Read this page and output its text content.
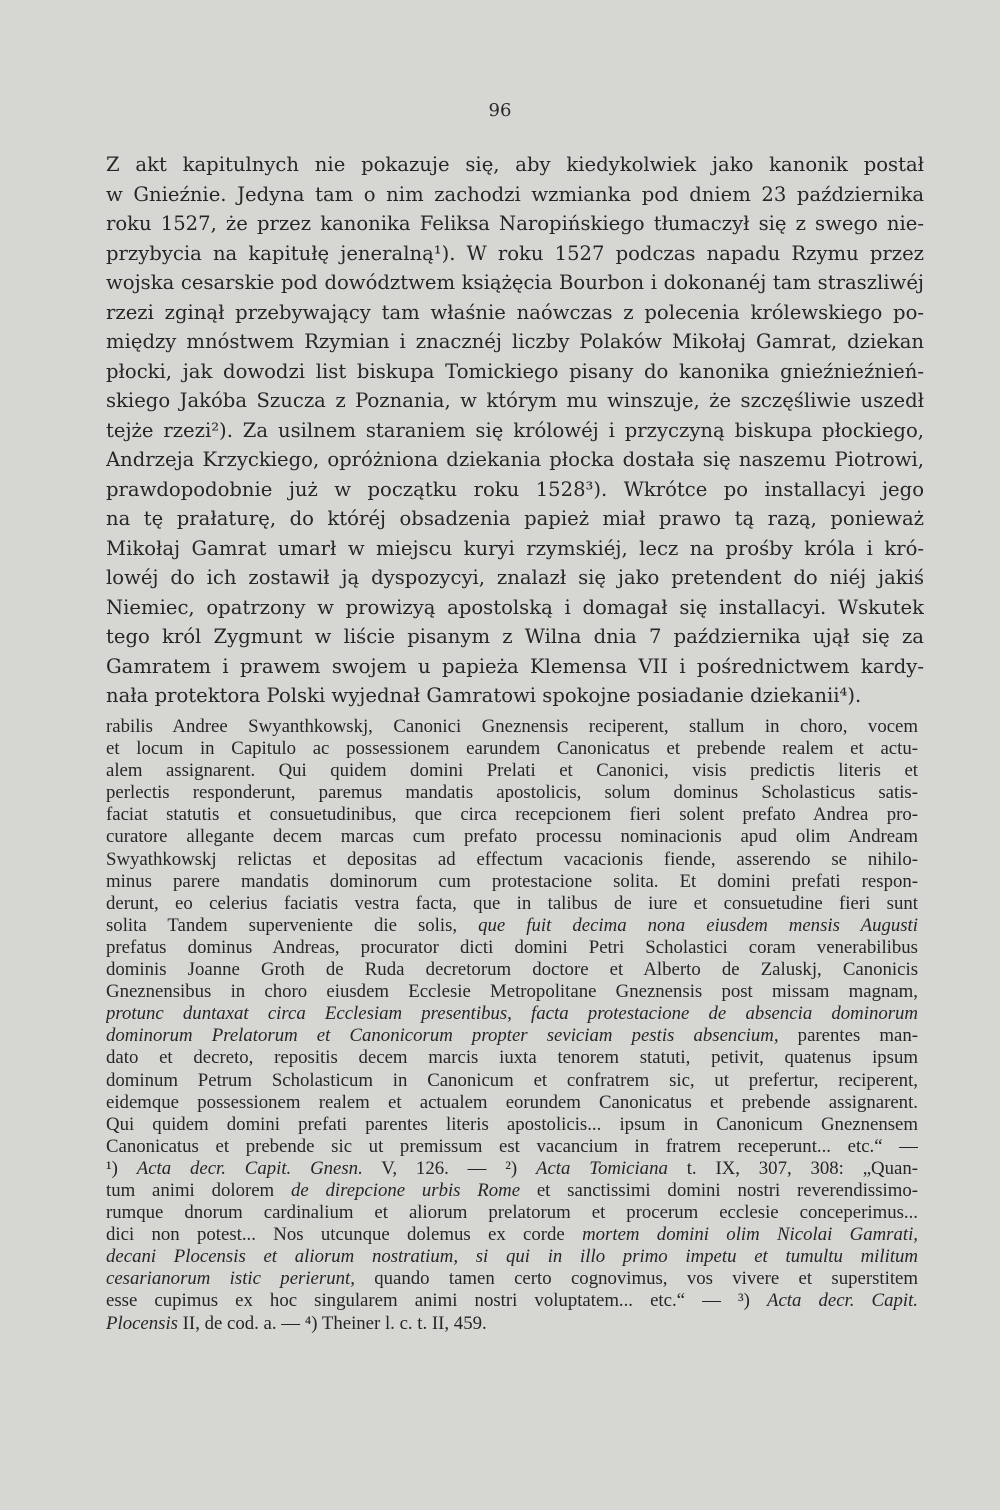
96
Z akt kapitulnych nie pokazuje się, aby kiedykolwiek jako kanonik postał
w Gnieźnie. Jedyna tam o nim zachodzi wzmianka pod dniem 23 października
roku 1527, że przez kanonika Feliksa Naropińskiego tłumaczył się z swego nie-
przybycia na kapitułę jeneralną¹). W roku 1527 podczas napadu Rzymu przez
wojska cesarskie pod dowództwem książęcia Bourbon i dokonanéj tam straszliwéj
rzezi zginął przebywający tam właśnie naówczas z polecenia królewskiego po-
między mnóstwem Rzymian i znacznéj liczby Polaków Mikołaj Gamrat, dziekan
płocki, jak dowodzi list biskupa Tomickiego pisany do kanonika gnieźnieźnień-
skiego Jakóba Szucza z Poznania, w którym mu winszuje, że szczęśliwie uszedł
tejże rzezi²). Za usilnem staraniem się królowéj i przyczyną biskupa płockiego,
Andrzeja Krzyckiego, opróżniona dziekania płocka dostała się naszemu Piotrowi,
prawdopodobnie już w początku roku 1528³). Wkrótce po installacyi jego
na tę prałaturę, do któréj obsadzenia papież miał prawo tą razą, ponieważ
Mikołaj Gamrat umarł w miejscu kuryi rzymskiéj, lecz na prośby króla i kró-
lowéj do ich zostawił ją dyspozycyi, znalazł się jako pretendent do niéj jakiś
Niemiec, opatrzony w prowizyą apostolską i domagał się installacyi. Wskutek
tego król Zygmunt w liście pisanym z Wilna dnia 7 października ujął się za
Gamratem i prawem swojem u papieża Klemensa VII i pośrednictwem kardy-
nała protektora Polski wyjednał Gamratowi spokojne posiadanie dziekanii⁴).
rabilis Andree Swyanthkowskj, Canonici Gneznensis reciperent, stallum in choro, vocem
et locum in Capitulo ac possessionem earundem Canonicatus et prebende realem et actu-
alem assignarent. Qui quidem domini Prelati et Canonici, visis predictis literis et
perlectis responderunt, paremus mandatis apostolicis, solum dominus Scholasticus satis-
faciat statutis et consuetudinibus, que circa recepcionem fieri solent prefato Andrea pro-
curatore allegante decem marcas cum prefato processu nominacionis apud olim Andream
Swyathkowskj relictas et depositas ad effectum vacacionis fiende, asserendo se nihilo-
minus parere mandatis dominorum cum protestacione solita. Et domini prefati respon-
derunt, eo celerius faciatis vestra facta, que in talibus de iure et consuetudine fieri sunt
solita Tandem superveniente die solis, que fuit decima nona eiusdem mensis Augusti
prefatus dominus Andreas, procurator dicti domini Petri Scholastici coram venerabilibus
dominis Joanne Groth de Ruda decretorum doctore et Alberto de Zaluskj, Canonicis
Gneznensibus in choro eiusdem Ecclesie Metropolitane Gneznensis post missam magnam,
protunc duntaxat circa Ecclesiam presentibus, facta protestacione de absencia dominorum
dominorum Prelatorum et Canonicorum propter seviciam pestis absencium, parentes man-
dato et decreto, repositis decem marcis iuxta tenorem statuti, petivit, quatenus ipsum
dominum Petrum Scholasticum in Canonicum et confratrem sic, ut prefertur, reciperent,
eidemque possessionem realem et actualem eorundem Canonicatus et prebende assignarent.
Qui quidem domini prefati parentes literis apostolicis... ipsum in Canonicum Gneznensem
Canonicatus et prebende sic ut premissum est vacancium in fratrem receperunt... etc.“ —
¹) Acta decr. Capit. Gnesn. V, 126. — ²) Acta Tomiciana t. IX, 307, 308: „Quan-
tum animi dolorem de direpcione urbis Rome et sanctissimi domini nostri reverendissimo-
rumque dnorum cardinalium et aliorum prelatorum et procerum ecclesie conceperimus...
dici non potest... Nos utcunque dolemus ex corde mortem domini olim Nicolai Gamrati,
decani Plocensis et aliorum nostratium, si qui in illo primo impetu et tumultu militum
cesarianorum istic perierunt, quando tamen certo cognovimus, vos vivere et superstitem
esse cupimus ex hoc singularem animi nostri voluptatem... etc.“ — ³) Acta decr. Capit.
Plocensis II, de cod. a. — ⁴) Theiner l. c. t. II, 459.
